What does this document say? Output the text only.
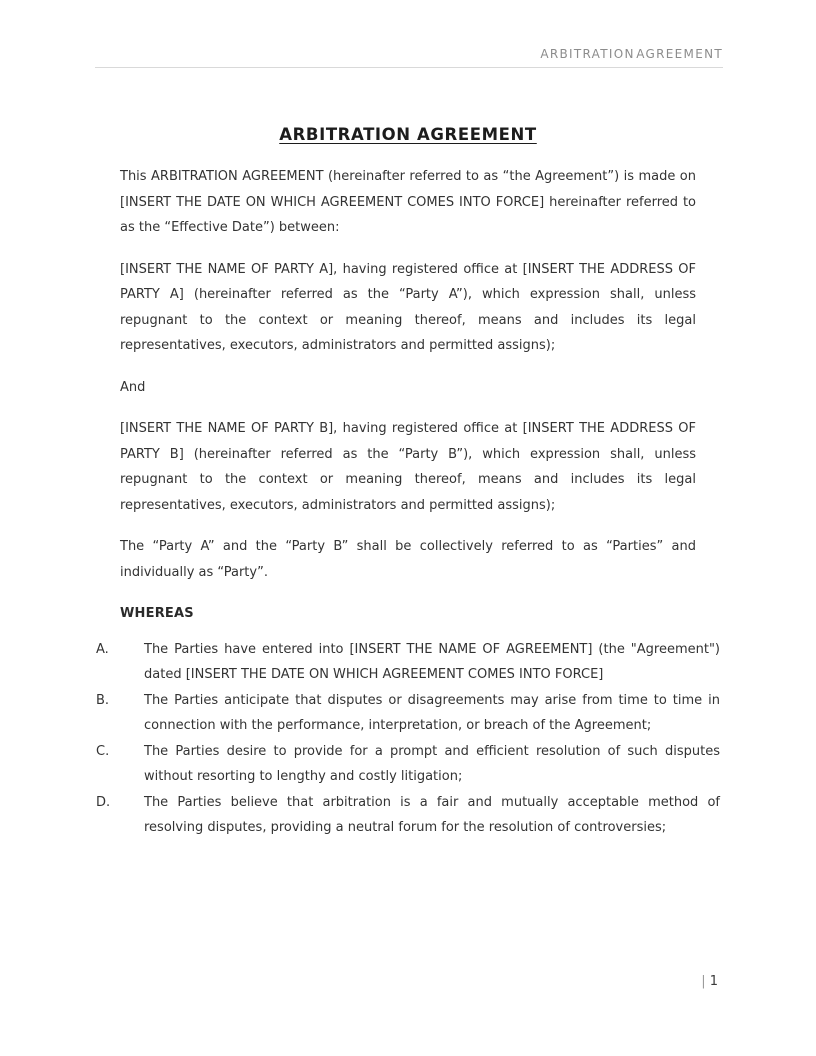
ARBITRATION AGREEMENT
ARBITRATION AGREEMENT

This ARBITRATION AGREEMENT (hereinafter referred to as “the Agreement”) is made on [INSERT THE DATE ON WHICH AGREEMENT COMES INTO FORCE] hereinafter referred to as the “Effective Date”) between:

[INSERT THE NAME OF PARTY A], having registered office at [INSERT THE ADDRESS OF PARTY A] (hereinafter referred as the “Party A”), which expression shall, unless repugnant to the context or meaning thereof, means and includes its legal representatives, executors, administrators and permitted assigns);

And

[INSERT THE NAME OF PARTY B], having registered office at [INSERT THE ADDRESS OF PARTY B] (hereinafter referred as the “Party B”), which expression shall, unless repugnant to the context or meaning thereof, means and includes its legal representatives, executors, administrators and permitted assigns);

The “Party A” and the “Party B” shall be collectively referred to as “Parties” and individually as “Party”.

WHEREAS

A.	The Parties have entered into [INSERT THE NAME OF AGREEMENT] (the "Agreement") dated [INSERT THE DATE ON WHICH AGREEMENT COMES INTO FORCE]
B.	The Parties anticipate that disputes or disagreements may arise from time to time in connection with the performance, interpretation, or breach of the Agreement;
C.	The Parties desire to provide for a prompt and efficient resolution of such disputes without resorting to lengthy and costly litigation;
D.	The Parties believe that arbitration is a fair and mutually acceptable method of resolving disputes, providing a neutral forum for the resolution of controversies;
| 1
